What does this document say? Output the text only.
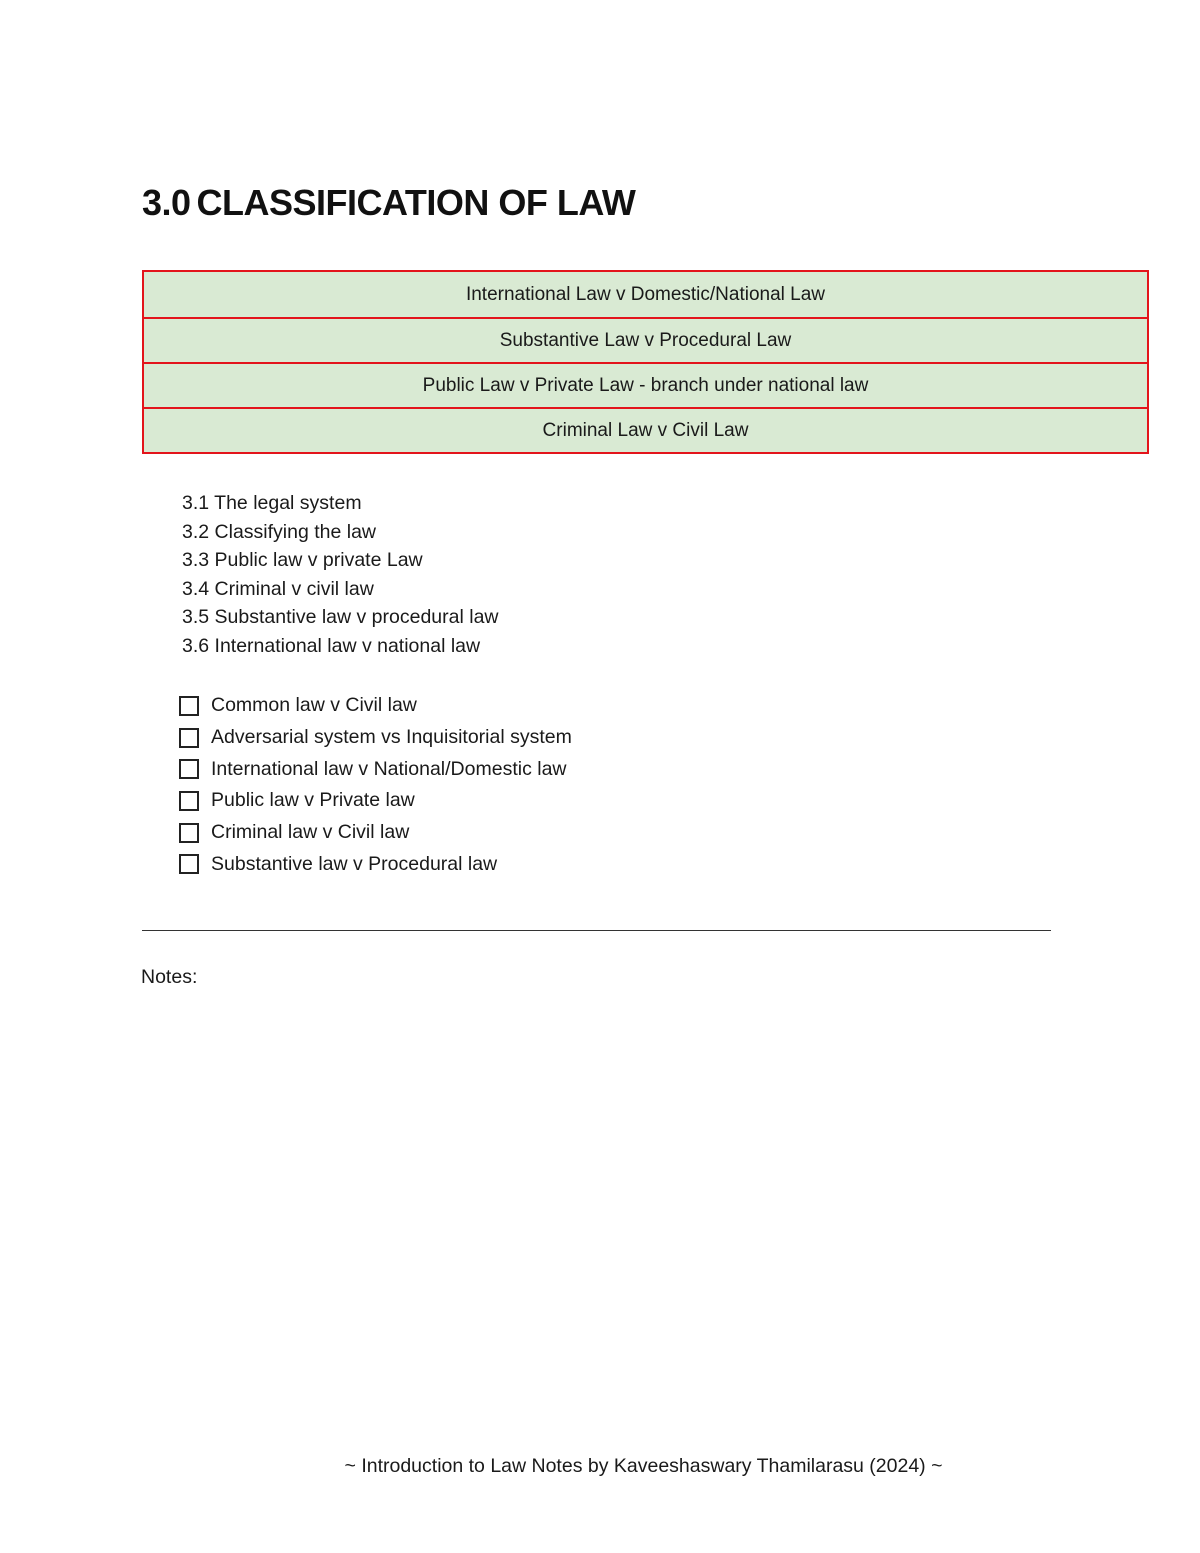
3.0 CLASSIFICATION OF LAW
International Law v Domestic/National Law
Substantive Law v Procedural Law
Public Law v Private Law - branch under national law
Criminal Law v Civil Law
3.1 The legal system
3.2 Classifying the law
3.3 Public law v private Law
3.4 Criminal v civil law
3.5 Substantive law v procedural law
3.6 International law v national law
Common law v Civil law
Adversarial system vs Inquisitorial system
International law v National/Domestic law
Public law v Private law
Criminal law v Civil law
Substantive law v Procedural law
Notes:
~ Introduction to Law Notes by Kaveeshaswary Thamilarasu (2024) ~
